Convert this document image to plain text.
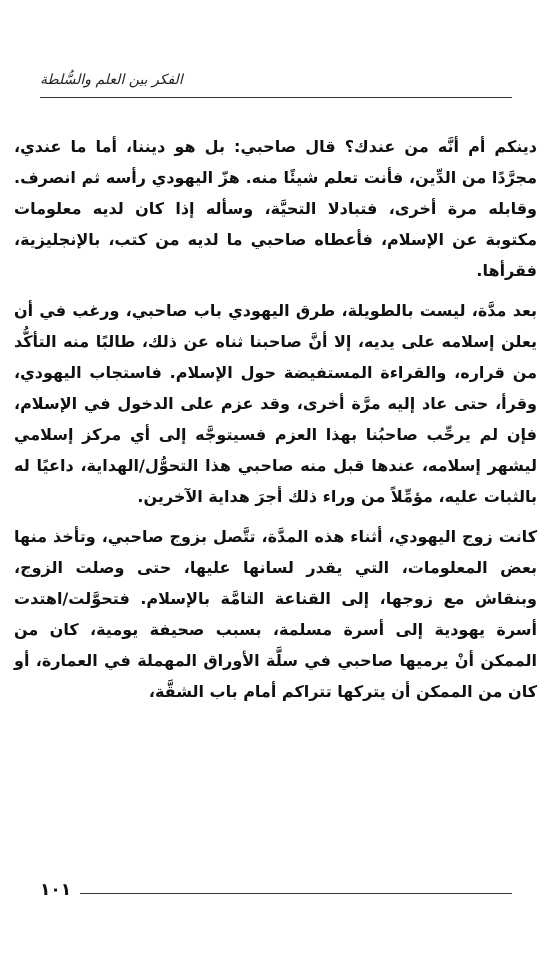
الفكر بين العلم والسُّلطة

دينكم أم أنَّه من عندك؟ قال صاحبي: بل هو ديننا، أما ما عندي، مجرَّدًا من الدِّين، فأنت تعلم شيئًا منه. هزّ اليهودي رأسه ثم انصرف. وقابله مرة أخرى، فتبادلا التحيَّة، وسأله إذا كان لديه معلومات مكتوبة عن الإسلام، فأعطاه صاحبي ما لديه من كتب، بالإنجليزية، فقرأها.

بعد مدَّة، ليست بالطويلة، طرق اليهودي باب صاحبي، ورغب في أن يعلن إسلامه على يديه، إلا أنَّ صاحبنا ثناه عن ذلك، طالبًا منه التأكُّد من قراره، والقراءة المستفيضة حول الإسلام. فاستجاب اليهودي، وقرأ، حتى عاد إليه مرَّة أخرى، وقد عزم على الدخول في الإسلام، فإن لم يرحِّب صاحبُنا بهذا العزم فسيتوجَّه إلى أي مركز إسلامي ليشهر إسلامه، عندها قبل منه صاحبي هذا التحوُّل/الهداية، داعيًا له بالثبات عليه، مؤمِّلاً من وراء ذلك أجرَ هداية الآخرين.

كانت زوج اليهودي، أثناء هذه المدَّة، تتَّصل بزوج صاحبي، وتأخذ منها بعض المعلومات، التي يقدر لسانها عليها، حتى وصلت الزوج، وبنقاش مع زوجها، إلى القناعة التامَّة بالإسلام. فتحوَّلت/اهتدت أسرة يهودية إلى أسرة مسلمة، بسبب صحيفة يومية، كان من الممكن أنْ يرميها صاحبي في سلَّة الأوراق المهملة في العمارة، أو كان من الممكن أن يتركها تتراكم أمام باب الشقَّة،

١٠١
